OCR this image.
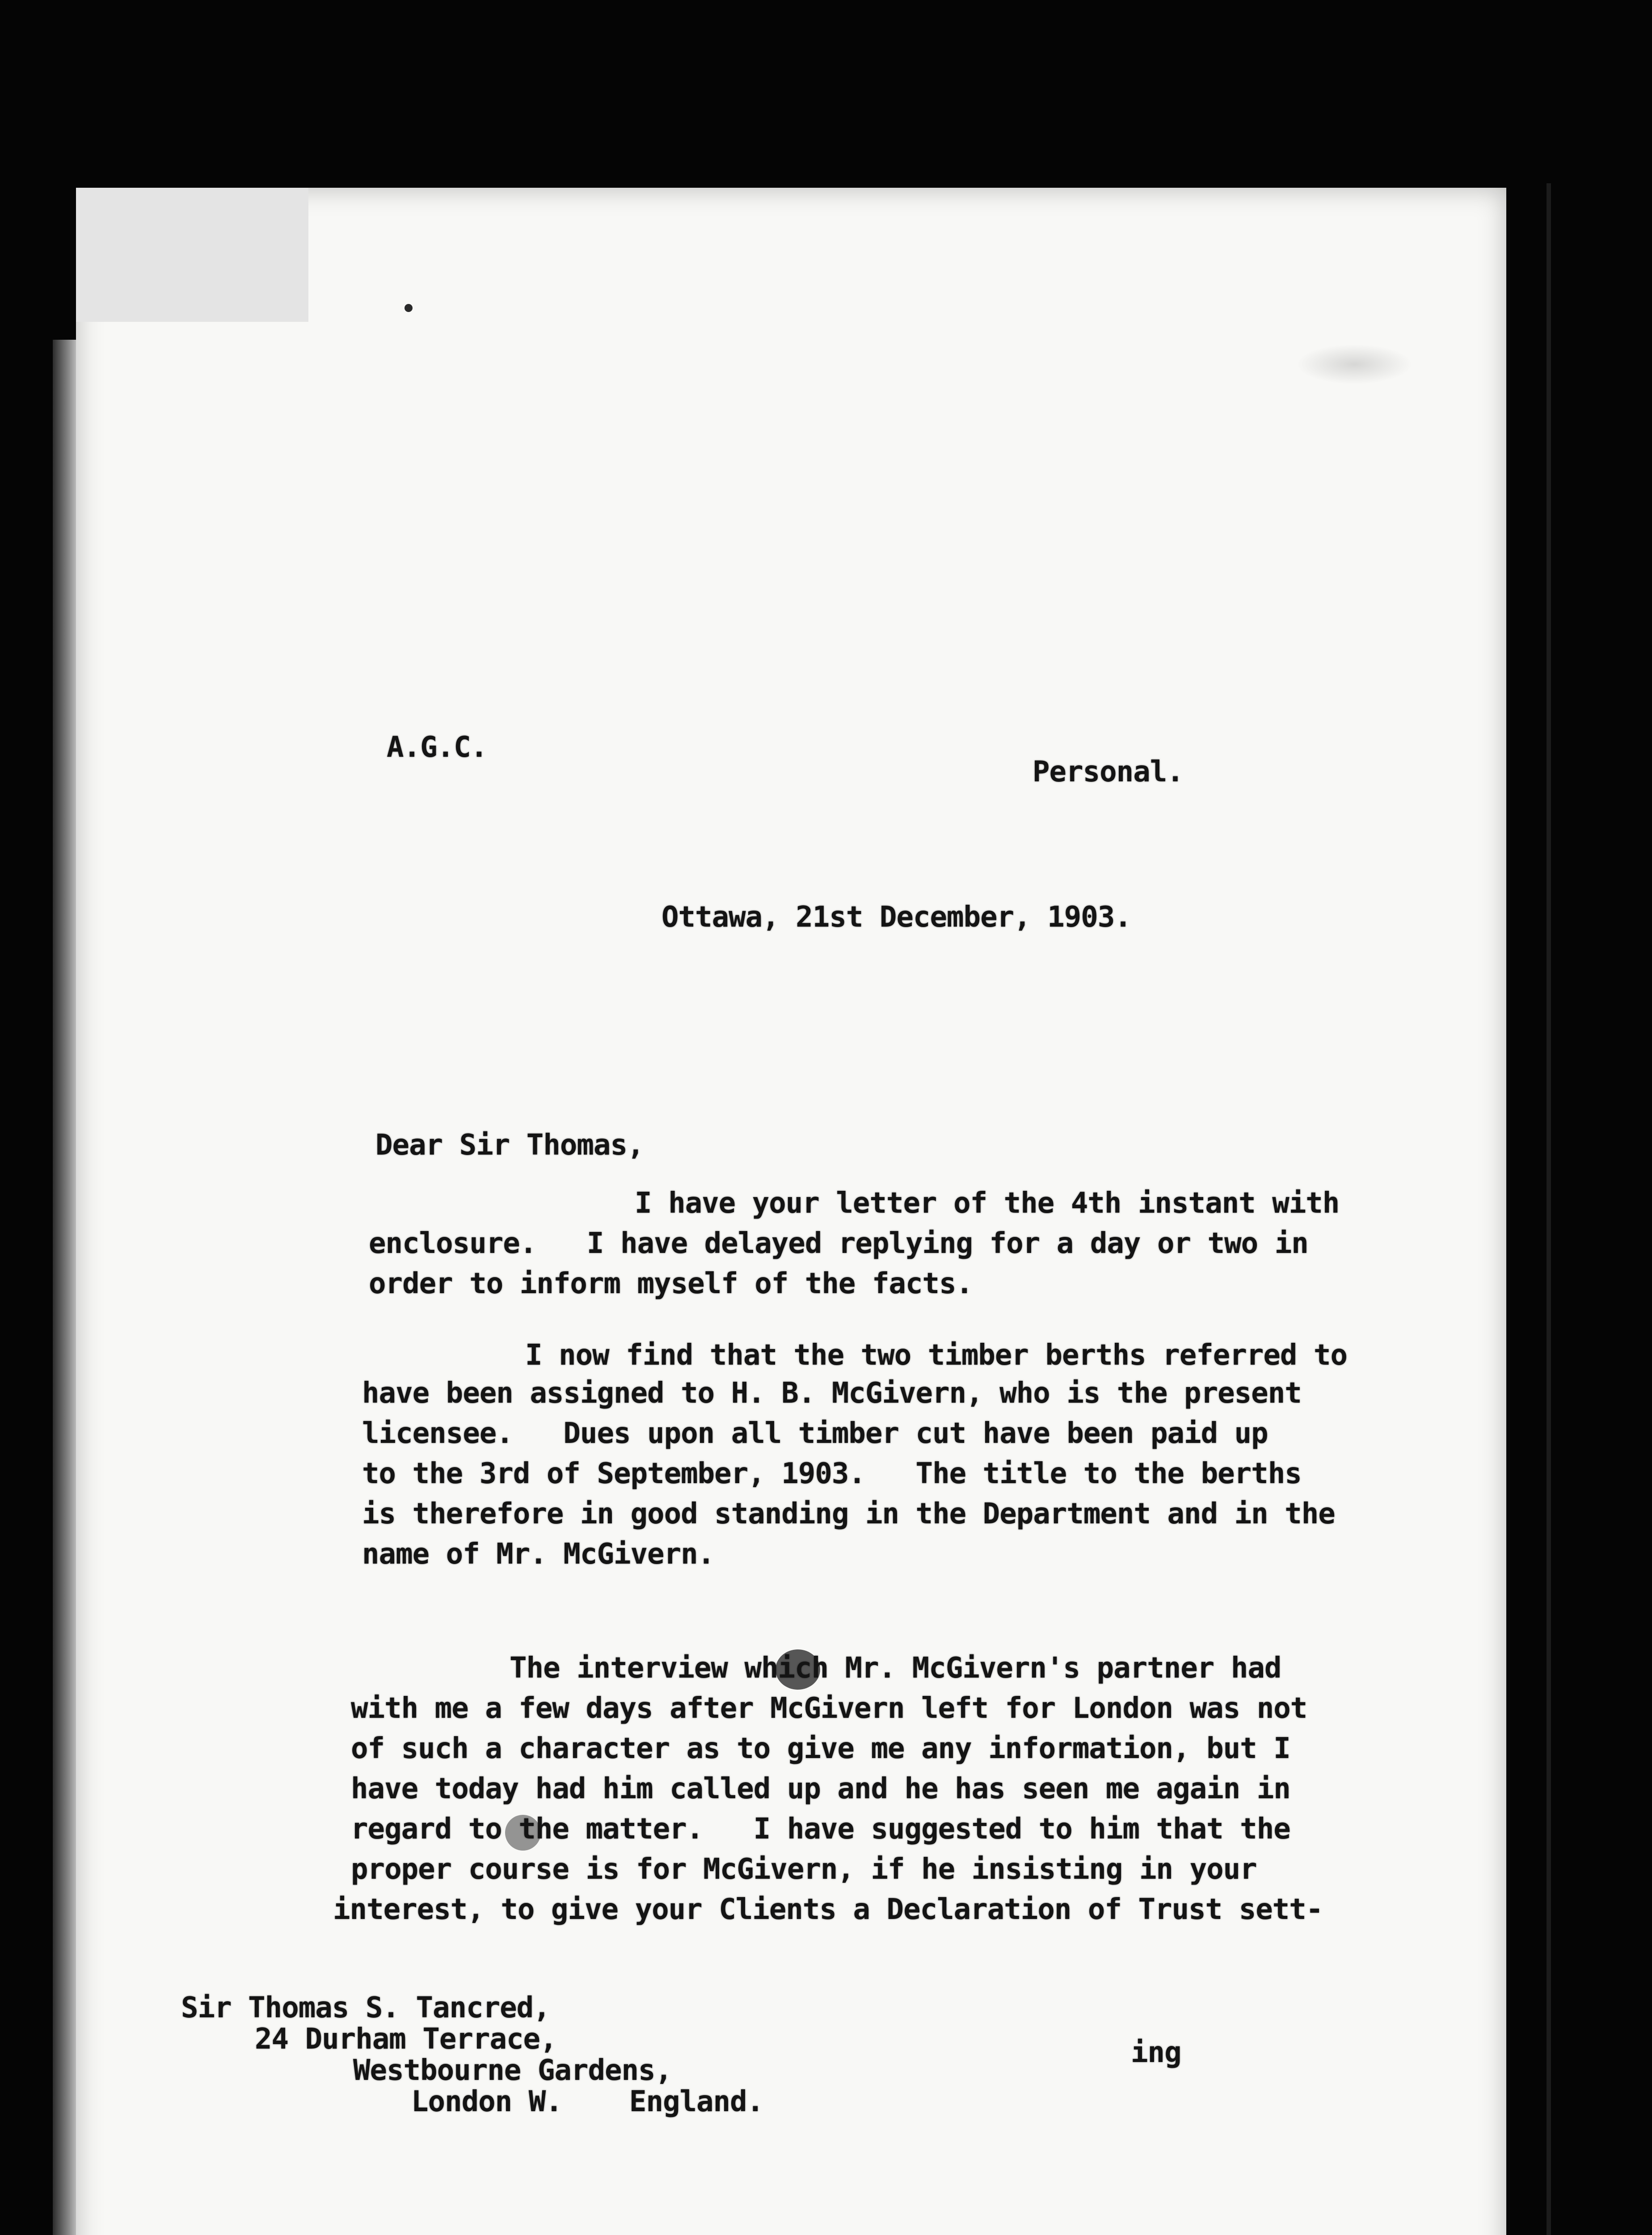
A.G.C.

Personal.

Ottawa, 21st December, 1903.

Dear Sir Thomas,

I have your letter of the 4th instant with

enclosure.   I have delayed replying for a day or two in

order to inform myself of the facts.

I now find that the two timber berths referred to

have been assigned to H. B. McGivern, who is the present

licensee.   Dues upon all timber cut have been paid up

to the 3rd of September, 1903.   The title to the berths

is therefore in good standing in the Department and in the

name of Mr. McGivern.

The interview which Mr. McGivern's partner had

with me a few days after McGivern left for London was not

of such a character as to give me any information, but I

have today had him called up and he has seen me again in

regard to the matter.   I have suggested to him that the

proper course is for McGivern, if he insisting in your

interest, to give your Clients a Declaration of Trust sett-

Sir Thomas S. Tancred,

ing

24 Durham Terrace,

Westbourne Gardens,

London W.    England.
